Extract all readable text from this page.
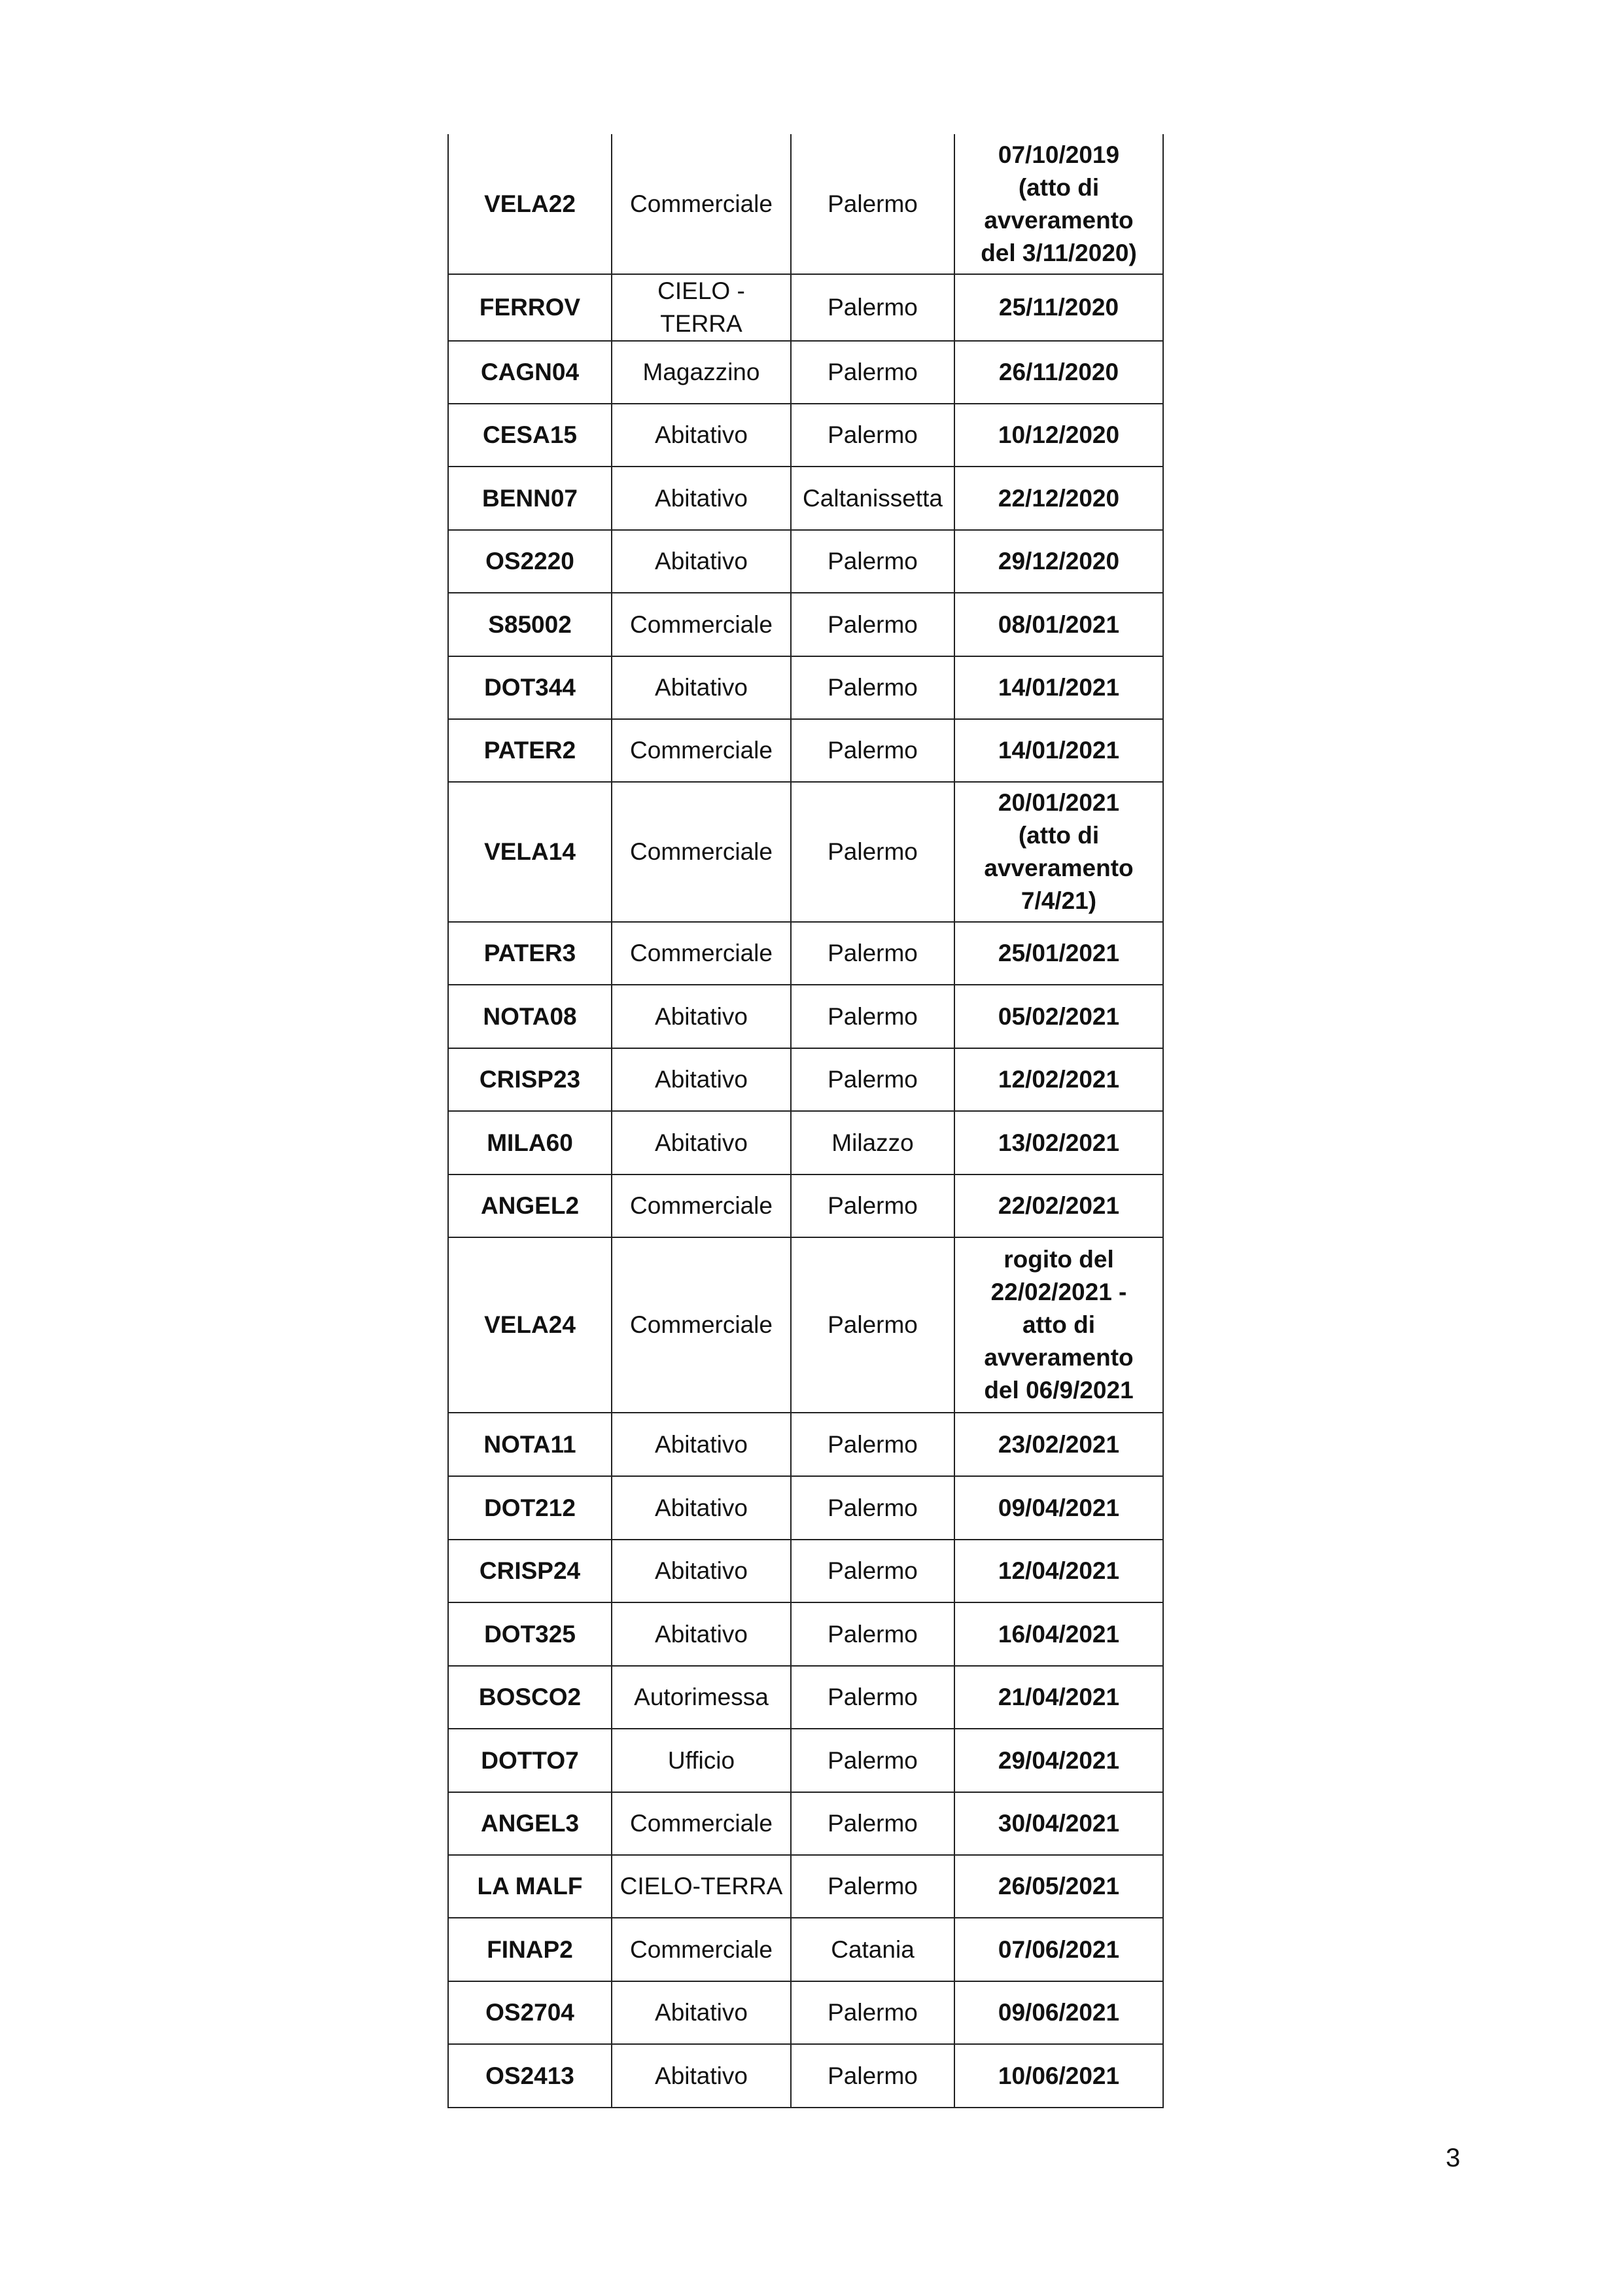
VELA22	Commerciale	Palermo	07/10/2019
(atto di
avveramento
del 3/11/2020)
FERROV	CIELO - TERRA	Palermo	25/11/2020
CAGN04	Magazzino	Palermo	26/11/2020
CESA15	Abitativo	Palermo	10/12/2020
BENN07	Abitativo	Caltanissetta	22/12/2020
OS2220	Abitativo	Palermo	29/12/2020
S85002	Commerciale	Palermo	08/01/2021
DOT344	Abitativo	Palermo	14/01/2021
PATER2	Commerciale	Palermo	14/01/2021
VELA14	Commerciale	Palermo	20/01/2021
(atto di
avveramento
7/4/21)
PATER3	Commerciale	Palermo	25/01/2021
NOTA08	Abitativo	Palermo	05/02/2021
CRISP23	Abitativo	Palermo	12/02/2021
MILA60	Abitativo	Milazzo	13/02/2021
ANGEL2	Commerciale	Palermo	22/02/2021
VELA24	Commerciale	Palermo	rogito del
22/02/2021 -
atto di
avveramento
del 06/9/2021
NOTA11	Abitativo	Palermo	23/02/2021
DOT212	Abitativo	Palermo	09/04/2021
CRISP24	Abitativo	Palermo	12/04/2021
DOT325	Abitativo	Palermo	16/04/2021
BOSCO2	Autorimessa	Palermo	21/04/2021
DOTTO7	Ufficio	Palermo	29/04/2021
ANGEL3	Commerciale	Palermo	30/04/2021
LA MALF	CIELO-TERRA	Palermo	26/05/2021
FINAP2	Commerciale	Catania	07/06/2021
OS2704	Abitativo	Palermo	09/06/2021
OS2413	Abitativo	Palermo	10/06/2021
3
